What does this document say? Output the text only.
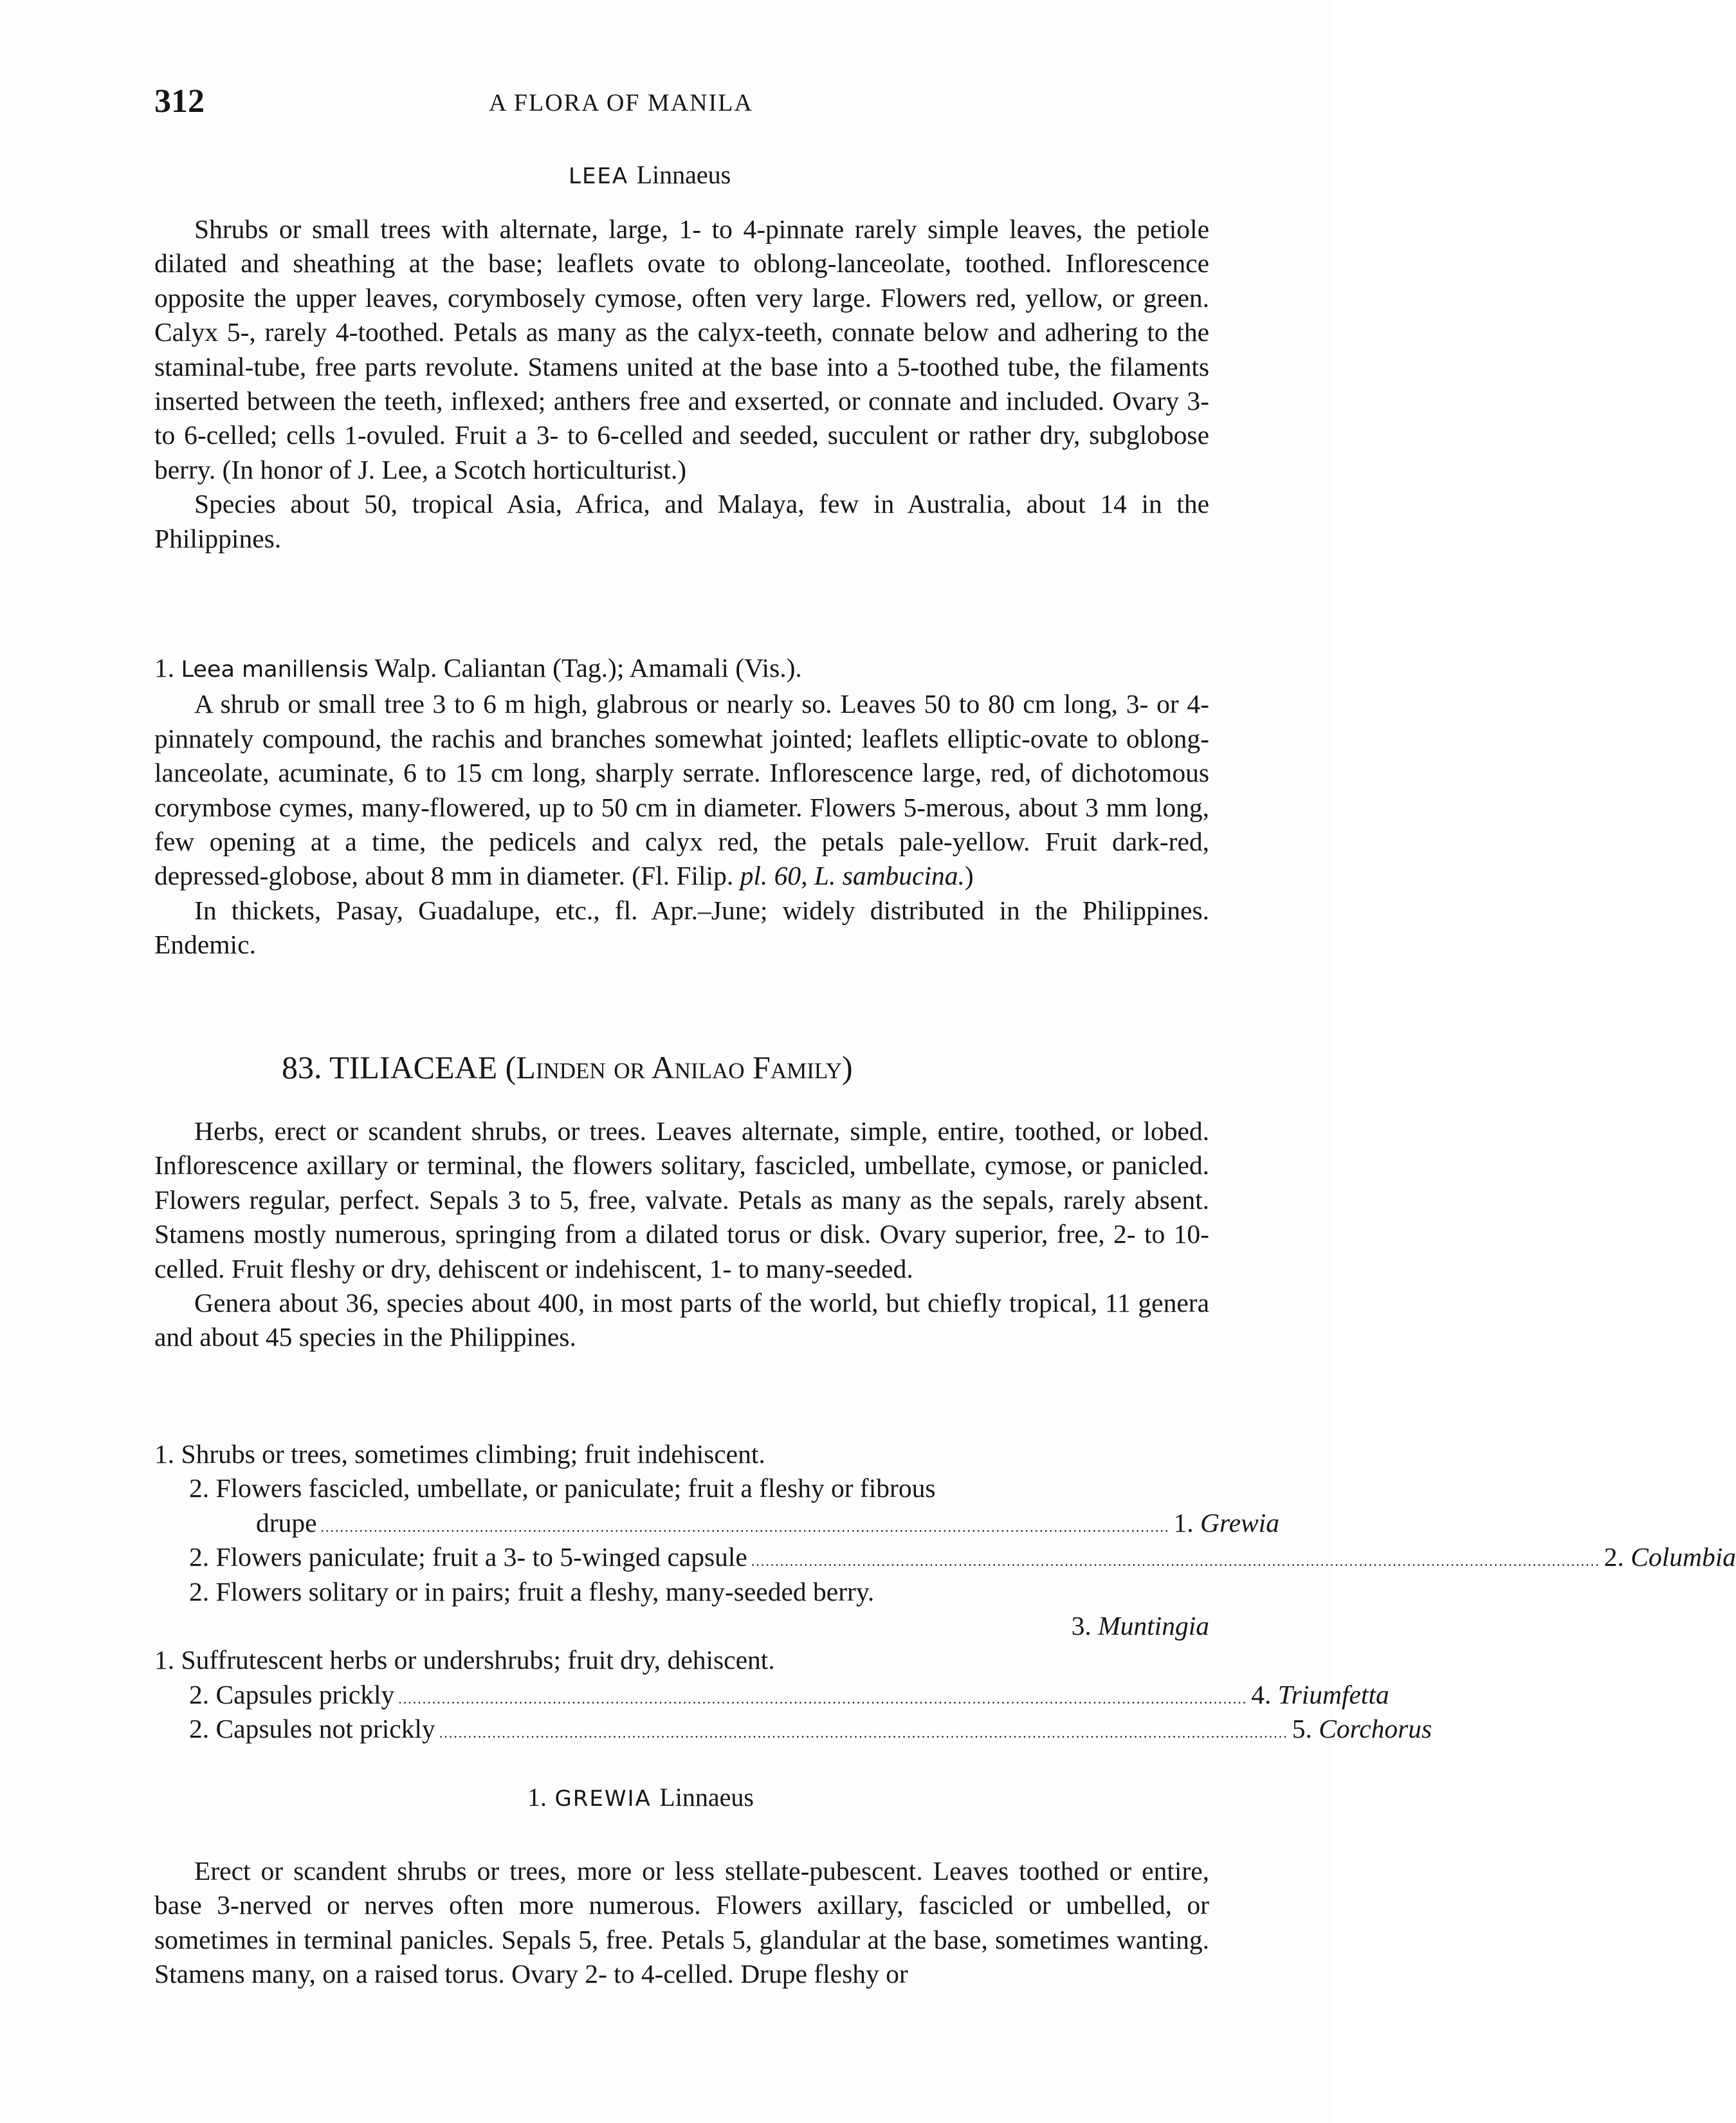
312	A FLORA OF MANILA
LEEA Linnaeus

Shrubs or small trees with alternate, large, 1- to 4-pinnate rarely simple leaves, the petiole dilated and sheathing at the base; leaflets ovate to oblong-lanceolate, toothed. Inflorescence opposite the upper leaves, corymbosely cymose, often very large. Flowers red, yellow, or green. Calyx 5-, rarely 4-toothed. Petals as many as the calyx-teeth, connate below and adhering to the staminal-tube, free parts revolute. Stamens united at the base into a 5-toothed tube, the filaments inserted between the teeth, inflexed; anthers free and exserted, or connate and included. Ovary 3- to 6-celled; cells 1-ovuled. Fruit a 3- to 6-celled and seeded, succulent or rather dry, subglobose berry. (In honor of J. Lee, a Scotch horticulturist.)

Species about 50, tropical Asia, Africa, and Malaya, few in Australia, about 14 in the Philippines.

1. Leea manillensis Walp. Caliantan (Tag.); Amamali (Vis.).

A shrub or small tree 3 to 6 m high, glabrous or nearly so. Leaves 50 to 80 cm long, 3- or 4-pinnately compound, the rachis and branches somewhat jointed; leaflets elliptic-ovate to oblong-lanceolate, acuminate, 6 to 15 cm long, sharply serrate. Inflorescence large, red, of dichotomous corymbose cymes, many-flowered, up to 50 cm in diameter. Flowers 5-merous, about 3 mm long, few opening at a time, the pedicels and calyx red, the petals pale-yellow. Fruit dark-red, depressed-globose, about 8 mm in diameter. (Fl. Filip. pl. 60, L. sambucina.)

In thickets, Pasay, Guadalupe, etc., fl. Apr.–June; widely distributed in the Philippines. Endemic.

83. TILIACEAE (Linden or Anilao Family)

Herbs, erect or scandent shrubs, or trees. Leaves alternate, simple, entire, toothed, or lobed. Inflorescence axillary or terminal, the flowers solitary, fascicled, umbellate, cymose, or panicled. Flowers regular, perfect. Sepals 3 to 5, free, valvate. Petals as many as the sepals, rarely absent. Stamens mostly numerous, springing from a dilated torus or disk. Ovary superior, free, 2- to 10-celled. Fruit fleshy or dry, dehiscent or indehiscent, 1- to many-seeded.

Genera about 36, species about 400, in most parts of the world, but chiefly tropical, 11 genera and about 45 species in the Philippines.

1. Shrubs or trees, sometimes climbing; fruit indehiscent.
2. Flowers fascicled, umbellate, or paniculate; fruit a fleshy or fibrous
drupe ................................................................................................................................................................................ 1. Grewia
2. Flowers paniculate; fruit a 3- to 5-winged capsule ................................................................................................................................................................................ 2. Columbia
2. Flowers solitary or in pairs; fruit a fleshy, many-seeded berry.
3. Muntingia
1. Suffrutescent herbs or undershrubs; fruit dry, dehiscent.
2. Capsules prickly ................................................................................................................................................................................ 4. Triumfetta
2. Capsules not prickly ................................................................................................................................................................................ 5. Corchorus
1. GREWIA Linnaeus

Erect or scandent shrubs or trees, more or less stellate-pubescent. Leaves toothed or entire, base 3-nerved or nerves often more numerous. Flowers axillary, fascicled or umbelled, or sometimes in terminal panicles. Sepals 5, free. Petals 5, glandular at the base, sometimes wanting. Stamens many, on a raised torus. Ovary 2- to 4-celled. Drupe fleshy or
